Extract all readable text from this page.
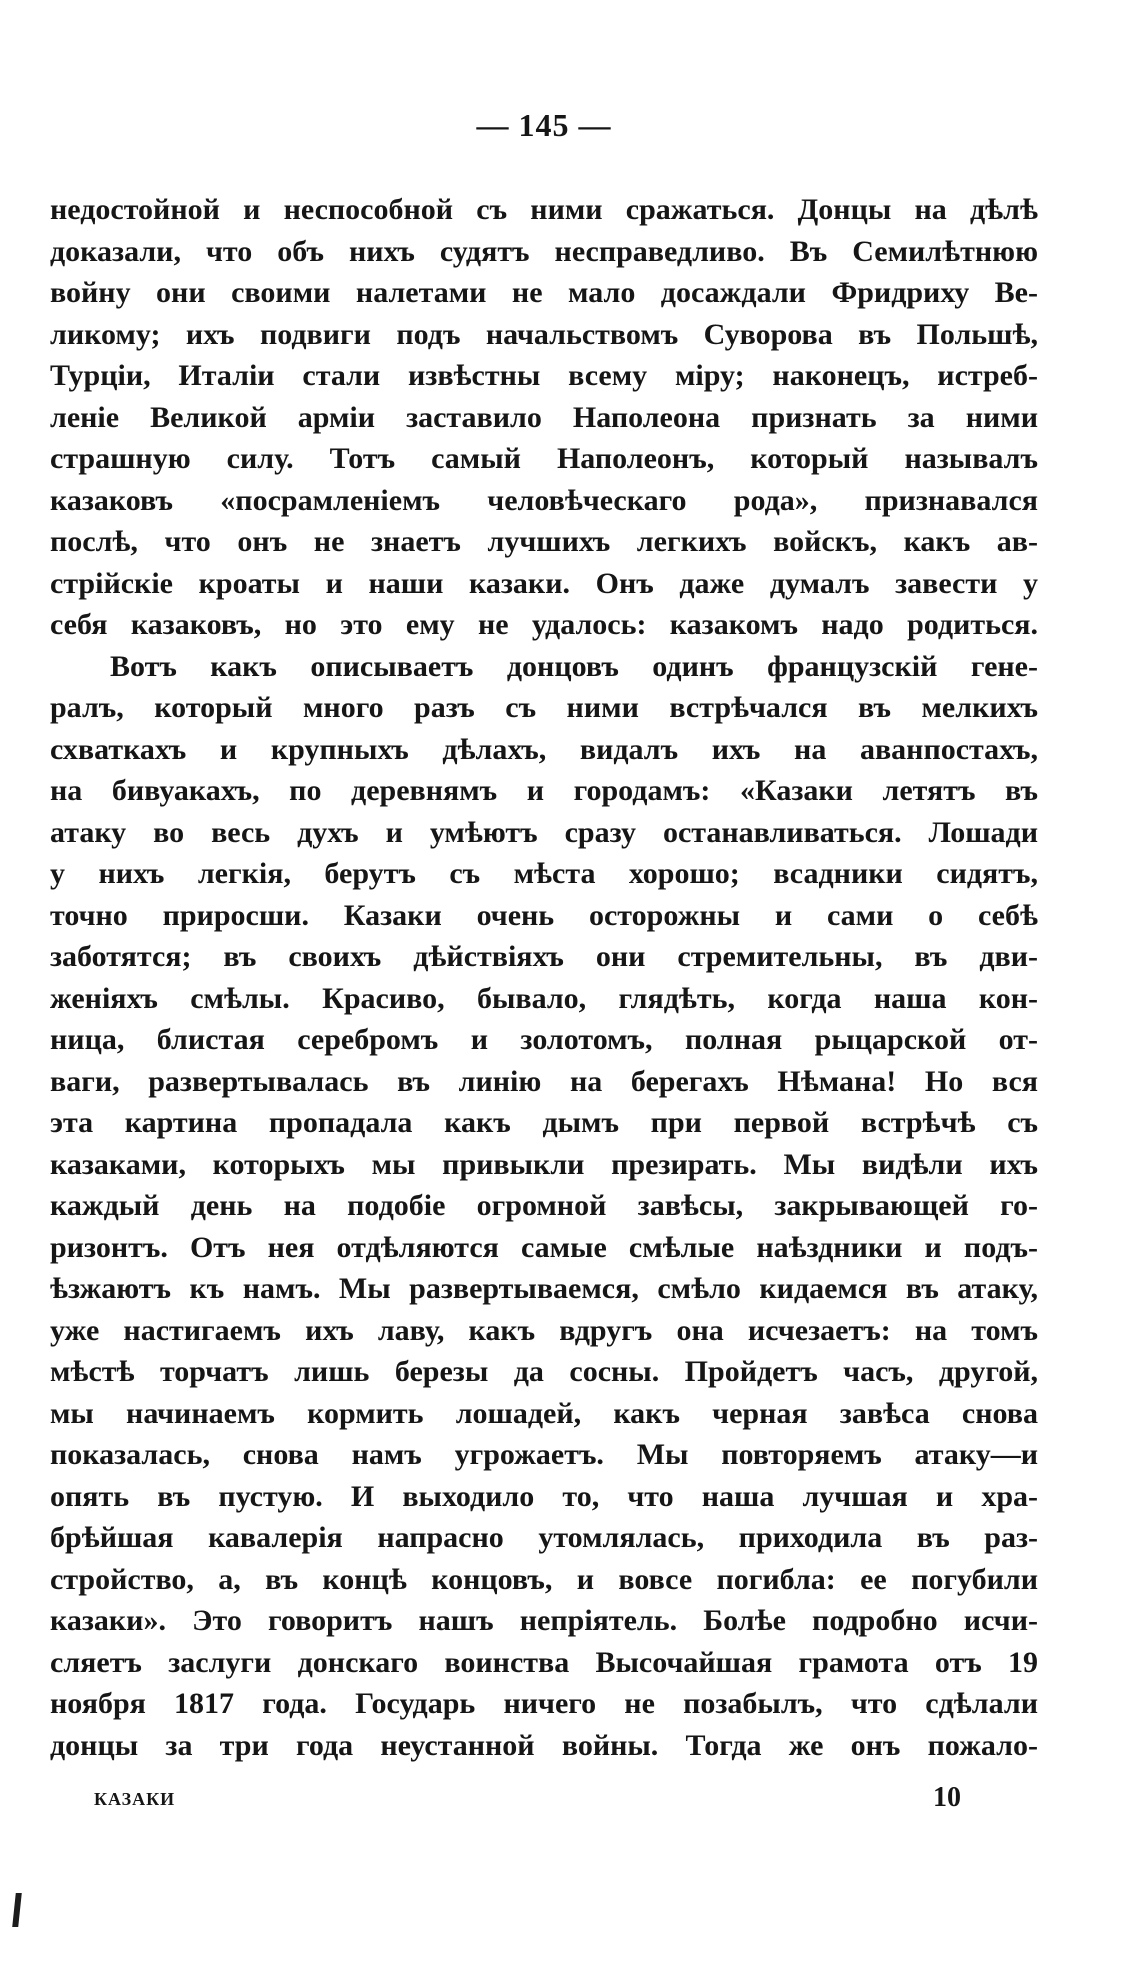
— 145 —
недостойной и неспособной съ ними сражаться. Донцы на дѣлѣ
доказали, что объ нихъ судятъ несправедливо. Въ Семилѣтнюю
войну они своими налетами не мало досаждали Фридриху Ве-
ликому; ихъ подвиги подъ начальствомъ Суворова въ Польшѣ,
Турціи, Италіи стали извѣстны всему міру; наконецъ, истреб-
леніе Великой арміи заставило Наполеона признать за ними
страшную силу. Тотъ самый Наполеонъ, который называлъ
казаковъ «посрамленіемъ человѣческаго рода», признавался
послѣ, что онъ не знаетъ лучшихъ легкихъ войскъ, какъ ав-
стрійскіе кроаты и наши казаки. Онъ даже думалъ завести у
себя казаковъ, но это ему не удалось: казакомъ надо родиться.
Вотъ какъ описываетъ донцовъ одинъ французскій гене-
ралъ, который много разъ съ ними встрѣчался въ мелкихъ
схваткахъ и крупныхъ дѣлахъ, видалъ ихъ на аванпостахъ,
на бивуакахъ, по деревнямъ и городамъ: «Казаки летятъ въ
атаку во весь духъ и умѣютъ сразу останавливаться. Лошади
у нихъ легкія, берутъ съ мѣста хорошо; всадники сидятъ,
точно приросши. Казаки очень осторожны и сами о себѣ
заботятся; въ своихъ дѣйствіяхъ они стремительны, въ дви-
женіяхъ смѣлы. Красиво, бывало, глядѣть, когда наша кон-
ница, блистая серебромъ и золотомъ, полная рыцарской от-
ваги, развертывалась въ линію на берегахъ Нѣмана! Но вся
эта картина пропадала какъ дымъ при первой встрѣчѣ съ
казаками, которыхъ мы привыкли презирать. Мы видѣли ихъ
каждый день на подобіе огромной завѣсы, закрывающей го-
ризонтъ. Отъ нея отдѣляются самые смѣлые наѣздники и подъ-
ѣзжаютъ къ намъ. Мы развертываемся, смѣло кидаемся въ атаку,
уже настигаемъ ихъ лаву, какъ вдругъ она исчезаетъ: на томъ
мѣстѣ торчатъ лишь березы да сосны. Пройдетъ часъ, другой,
мы начинаемъ кормить лошадей, какъ черная завѣса снова
показалась, снова намъ угрожаетъ. Мы повторяемъ атаку—и
опять въ пустую. И выходило то, что наша лучшая и хра-
брѣйшая кавалерія напрасно утомлялась, приходила въ раз-
стройство, а, въ концѣ концовъ, и вовсе погибла: ее погубили
казаки». Это говоритъ нашъ непріятель. Болѣе подробно исчи-
сляетъ заслуги донскаго воинства Высочайшая грамота отъ 19
ноября 1817 года. Государь ничего не позабылъ, что сдѣлали
донцы за три года неустанной войны. Тогда же онъ пожало-
КАЗАКИ	10
